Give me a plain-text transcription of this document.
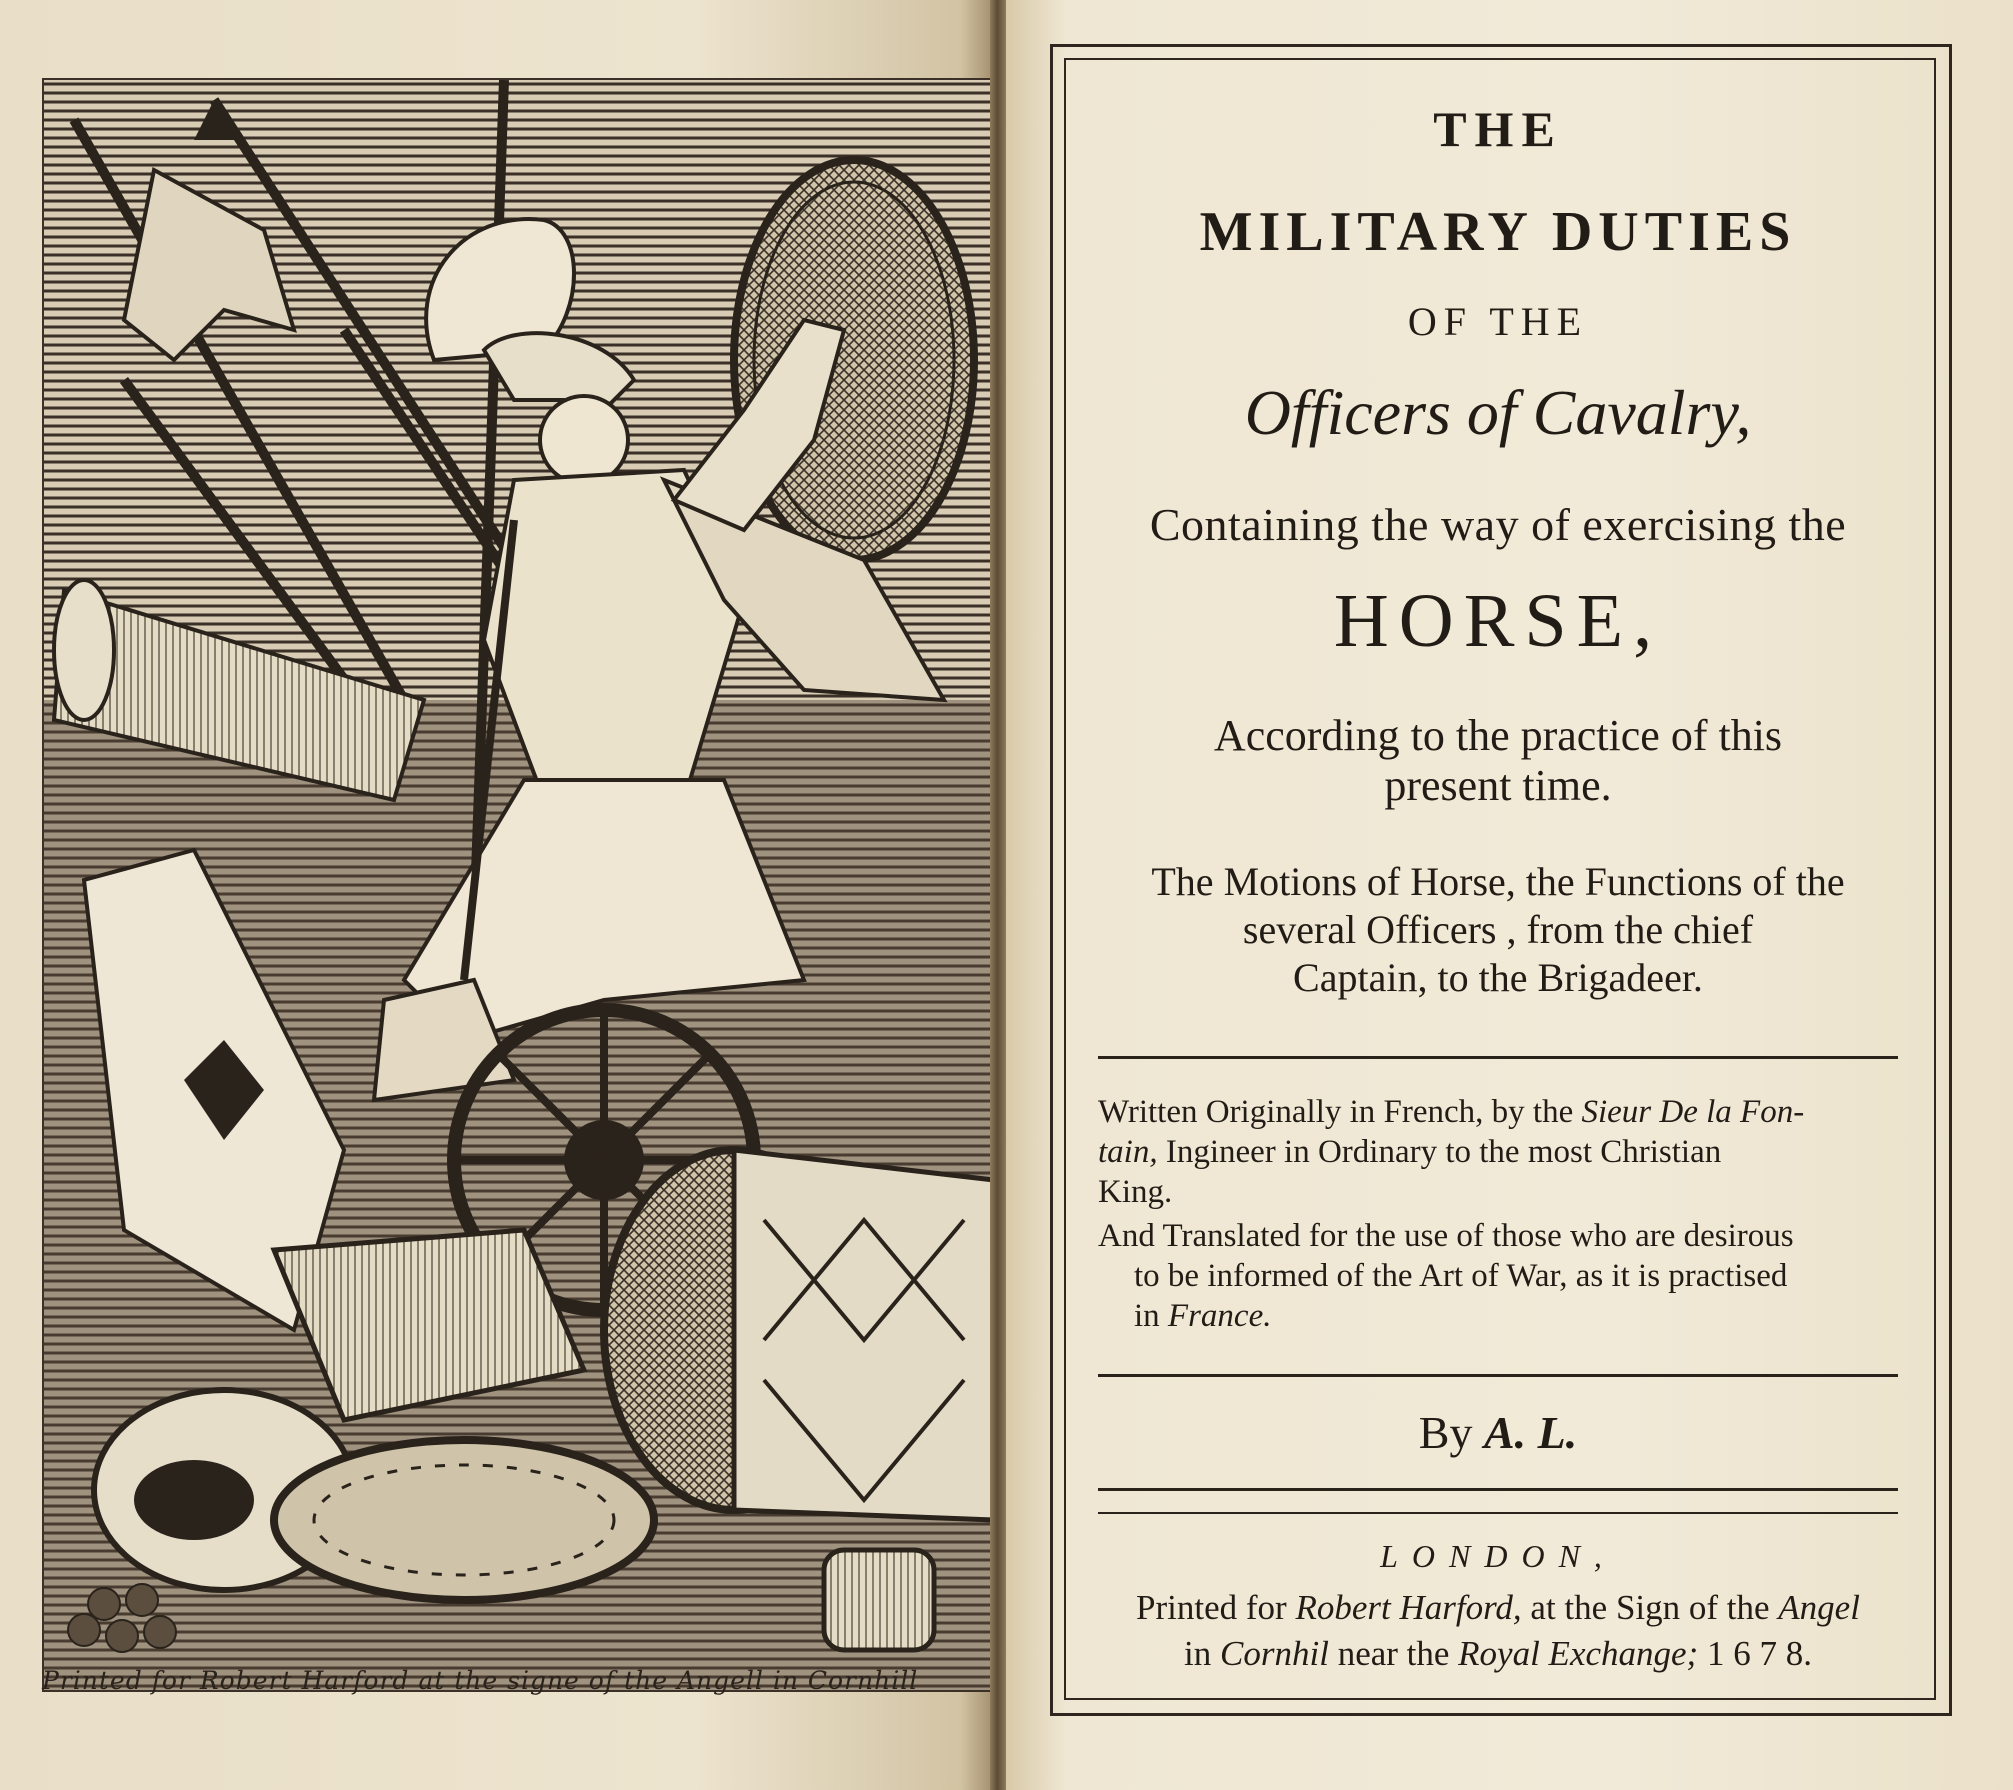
Printed for Robert Harford at the signe of the Angell in Cornhill
THE
MILITARY DUTIES
OF THE
Officers of Cavalry,
Containing the way of exercising the
HORSE,
According to the practice of this
present time.
The Motions of Horse, the Functions of the
several Officers , from the chief
Captain, to the Brigadeer.
Written Originally in French, by the Sieur De la Fon-
tain, Ingineer in Ordinary to the most Christian
King.
And Translated for the use of those who are desirous
to be informed of the Art of War, as it is practised
in France.
By A. L.
LONDON,
Printed for Robert Harford, at the Sign of the Angel
in Cornhil near the Royal Exchange; 1 6 7 8.
